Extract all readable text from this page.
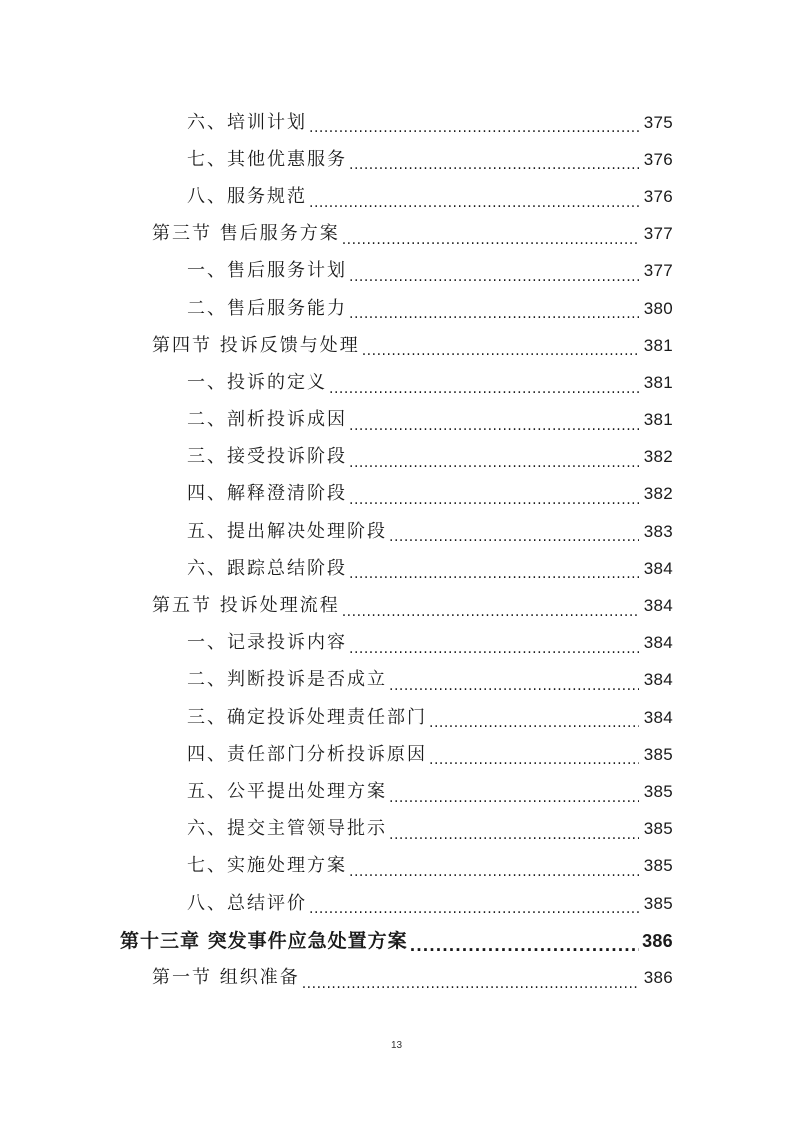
六、培训计划 .....	375
七、其他优惠服务 .....	376
八、服务规范 .....	376
第三节 售后服务方案 .....	377
一、售后服务计划 .....	377
二、售后服务能力 .....	380
第四节 投诉反馈与处理 .....	381
一、投诉的定义 .....	381
二、剖析投诉成因 .....	381
三、接受投诉阶段 .....	382
四、解释澄清阶段 .....	382
五、提出解决处理阶段 .....	383
六、跟踪总结阶段 .....	384
第五节 投诉处理流程 .....	384
一、记录投诉内容 .....	384
二、判断投诉是否成立 .....	384
三、确定投诉处理责任部门 .....	384
四、责任部门分析投诉原因 .....	385
五、公平提出处理方案 .....	385
六、提交主管领导批示 .....	385
七、实施处理方案 .....	385
八、总结评价 .....	385
第十三章 突发事件应急处置方案 .....	386
第一节 组织准备 .....	386
13
